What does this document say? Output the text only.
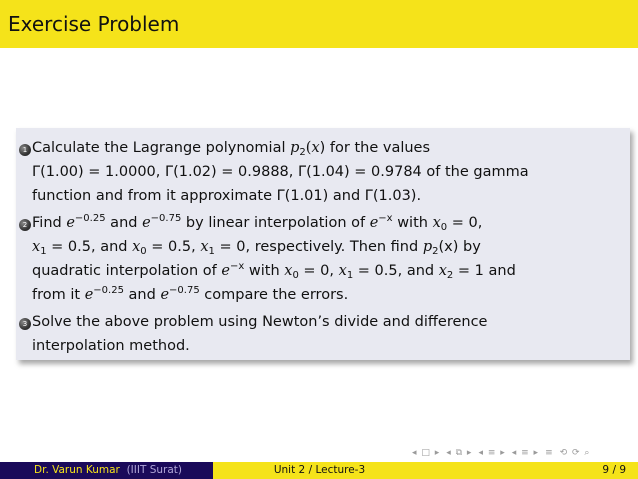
Exercise Problem
1 Calculate the Lagrange polynomial $p_2(x)$ for the values
Γ(1.00) = 1.0000, Γ(1.02) = 0.9888, Γ(1.04) = 0.9784 of the gamma
function and from it approximate Γ(1.01) and Γ(1.03).
2 Find $e^{-0.25}$ and $e^{-0.75}$ by linear interpolation of $e^{-x}$ with $x_0 = 0$,
$x_1 = 0.5$, and $x_0 = 0.5$, $x_1 = 0$, respectively. Then find $p_2(x)$ by
quadratic interpolation of $e^{-x}$ with $x_0 = 0$, $x_1 = 0.5$, and $x_2 = 1$ and
from it $e^{-0.25}$ and $e^{-0.75}$ compare the errors.
3 Solve the above problem using Newton’s divide and difference
interpolation method.
◂ □ ▸ ◂ ⧉ ▸ ◂ ≡ ▸ ◂ ≡ ▸ ≡ ⟲ ⟳ ⌕
Dr. Varun Kumar (IIIT Surat)	Unit 2 / Lecture-3	9 / 9
